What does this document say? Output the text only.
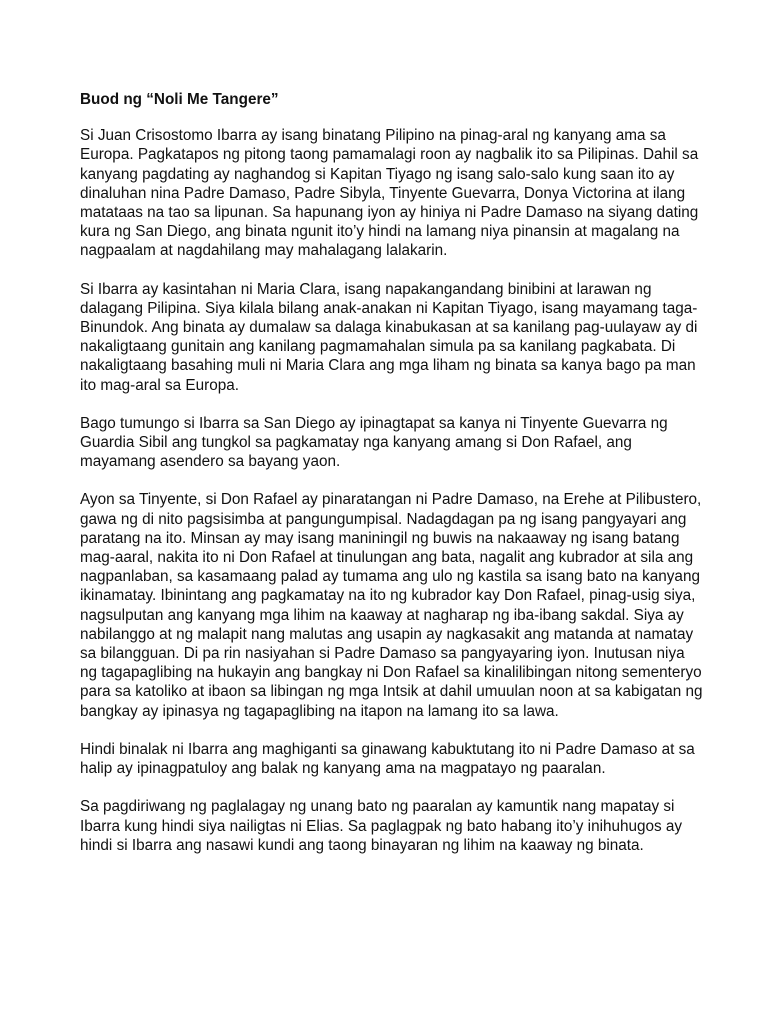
Buod ng “Noli Me Tangere”

Si Juan Crisostomo Ibarra ay isang binatang Pilipino na pinag-aral ng kanyang ama sa Europa. Pagkatapos ng pitong taong pamamalagi roon ay nagbalik ito sa Pilipinas. Dahil sa kanyang pagdating ay naghandog si Kapitan Tiyago ng isang salo-salo kung saan ito ay dinaluhan nina Padre Damaso, Padre Sibyla, Tinyente Guevarra, Donya Victorina at ilang matataas na tao sa lipunan. Sa hapunang iyon ay hiniya ni Padre Damaso na siyang dating kura ng San Diego, ang binata ngunit ito’y hindi na lamang niya pinansin at magalang na nagpaalam at nagdahilang may mahalagang lalakarin.

Si Ibarra ay kasintahan ni Maria Clara, isang napakangandang binibini at larawan ng dalagang Pilipina. Siya kilala bilang anak-anakan ni Kapitan Tiyago, isang mayamang taga-Binundok. Ang binata ay dumalaw sa dalaga kinabukasan at sa kanilang pag-uulayaw ay di nakaligtaang gunitain ang kanilang pagmamahalan simula pa sa kanilang pagkabata. Di nakaligtaang basahing muli ni Maria Clara ang mga liham ng binata sa kanya bago pa man ito mag-aral sa Europa.

Bago tumungo si Ibarra sa San Diego ay ipinagtapat sa kanya ni Tinyente Guevarra ng Guardia Sibil ang tungkol sa pagkamatay nga kanyang amang si Don Rafael, ang mayamang asendero sa bayang yaon.

Ayon sa Tinyente, si Don Rafael ay pinaratangan ni Padre Damaso, na Erehe at Pilibustero, gawa ng di nito pagsisimba at pangungumpisal. Nadagdagan pa ng isang pangyayari ang paratang na ito. Minsan ay may isang maniningil ng buwis na nakaaway ng isang batang mag-aaral, nakita ito ni Don Rafael at tinulungan ang bata, nagalit ang kubrador at sila ang nagpanlaban, sa kasamaang palad ay tumama ang ulo ng kastila sa isang bato na kanyang ikinamatay. Ibinintang ang pagkamatay na ito ng kubrador kay Don Rafael, pinag-usig siya, nagsulputan ang kanyang mga lihim na kaaway at nagharap ng iba-ibang sakdal. Siya ay nabilanggo at ng malapit nang malutas ang usapin ay nagkasakit ang matanda at namatay sa bilangguan. Di pa rin nasiyahan si Padre Damaso sa pangyayaring iyon. Inutusan niya ng tagapaglibing na hukayin ang bangkay ni Don Rafael sa kinalilibingan nitong sementeryo para sa katoliko at ibaon sa libingan ng mga Intsik at dahil umuulan noon at sa kabigatan ng bangkay ay ipinasya ng tagapaglibing na itapon na lamang ito sa lawa.

Hindi binalak ni Ibarra ang maghiganti sa ginawang kabuktutang ito ni Padre Damaso at sa halip ay ipinagpatuloy ang balak ng kanyang ama na magpatayo ng paaralan.

Sa pagdiriwang ng paglalagay ng unang bato ng paaralan ay kamuntik nang mapatay si Ibarra kung hindi siya nailigtas ni Elias. Sa paglagpak ng bato habang ito’y inihuhugos ay hindi si Ibarra ang nasawi kundi ang taong binayaran ng lihim na kaaway ng binata.
